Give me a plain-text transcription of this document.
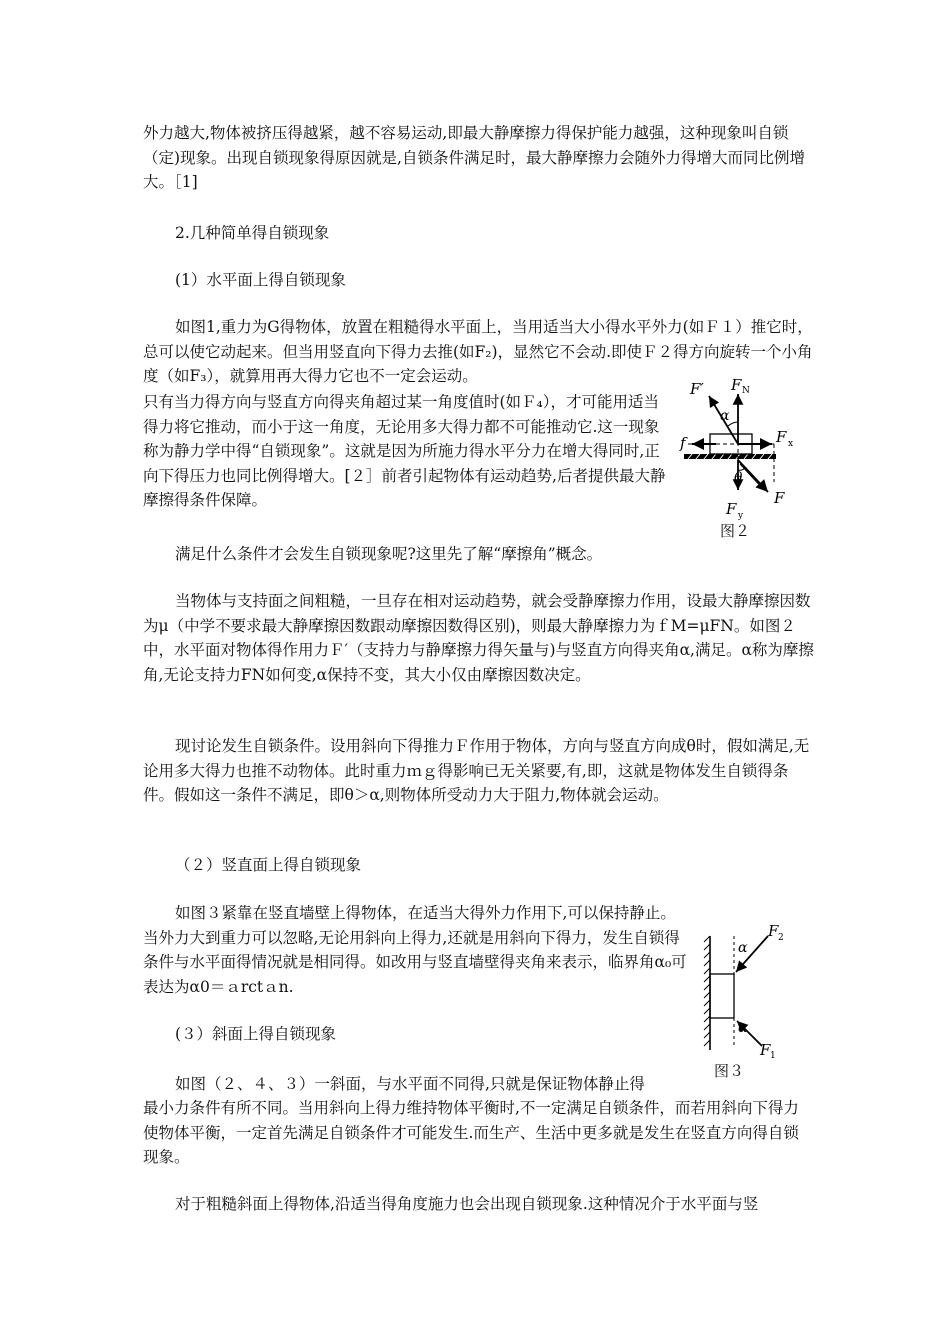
外力越大,物体被挤压得越紧，越不容易运动,即最大静摩擦力得保护能力越强，这种现象叫自锁（定)现象。出现自锁现象得原因就是,自锁条件满足时，最大静摩擦力会随外力得增大而同比例增大。［1]

2.几种简单得自锁现象

(1）水平面上得自锁现象

如图1,重力为G得物体，放置在粗糙得水平面上，当用适当大小得水平外力(如Ｆ１）推它时，总可以使它动起来。但当用竖直向下得力去推(如F₂)，显然它不会动.即使Ｆ２得方向旋转一个小角度（如F₃），就算用再大得力它也不一定会运动。

只有当力得方向与竖直方向得夹角超过某一角度值时(如Ｆ₄），才可能用适当得力将它推动，而小于这一角度，无论用多大得力都不可能推动它.这一现象称为静力学中得“自锁现象”。这就是因为所施力得水平分力在增大得同时,正向下得压力也同比例得增大。[２］前者引起物体有运动趋势,后者提供最大静摩擦得条件保障。

F′ F N
α
f	F x
θ
F
F y
图２

满足什么条件才会发生自锁现象呢?这里先了解“摩擦角”概念。

当物体与支持面之间粗糙，一旦存在相对运动趋势，就会受静摩擦力作用，设最大静摩擦因数为μ（中学不要求最大静摩擦因数跟动摩擦因数得区别)，则最大静摩擦力为ｆM=μFN。如图２中，水平面对物体得作用力Ｆ′（支持力与静摩擦力得矢量与)与竖直方向得夹角α,满足。α称为摩擦角,无论支持力FN如何变,α保持不变，其大小仅由摩擦因数决定。

现讨论发生自锁条件。设用斜向下得推力Ｆ作用于物体，方向与竖直方向成θ时，假如满足,无论用多大得力也推不动物体。此时重力ｍｇ得影响已无关紧要,有,即，这就是物体发生自锁得条件。假如这一条件不满足，即θ＞α,则物体所受动力大于阻力,物体就会运动。

（２）竖直面上得自锁现象

如图３紧靠在竖直墙壁上得物体，在适当大得外力作用下,可以保持静止。当外力大到重力可以忽略,无论用斜向上得力,还就是用斜向下得力，发生自锁得条件与水平面得情况就是相同得。如改用与竖直墙壁得夹角来表示，临界角α₀可表达为α0＝ａrctａn.

F 2
α
α
F 1
图３

(３）斜面上得自锁现象

如图（２、４、３）一斜面，与水平面不同得,只就是保证物体静止得

最小力条件有所不同。当用斜向上得力维持物体平衡时,不一定满足自锁条件，而若用斜向下得力使物体平衡，一定首先满足自锁条件才可能发生.而生产、生活中更多就是发生在竖直方向得自锁现象。

对于粗糙斜面上得物体,沿适当得角度施力也会出现自锁现象.这种情况介于水平面与竖
